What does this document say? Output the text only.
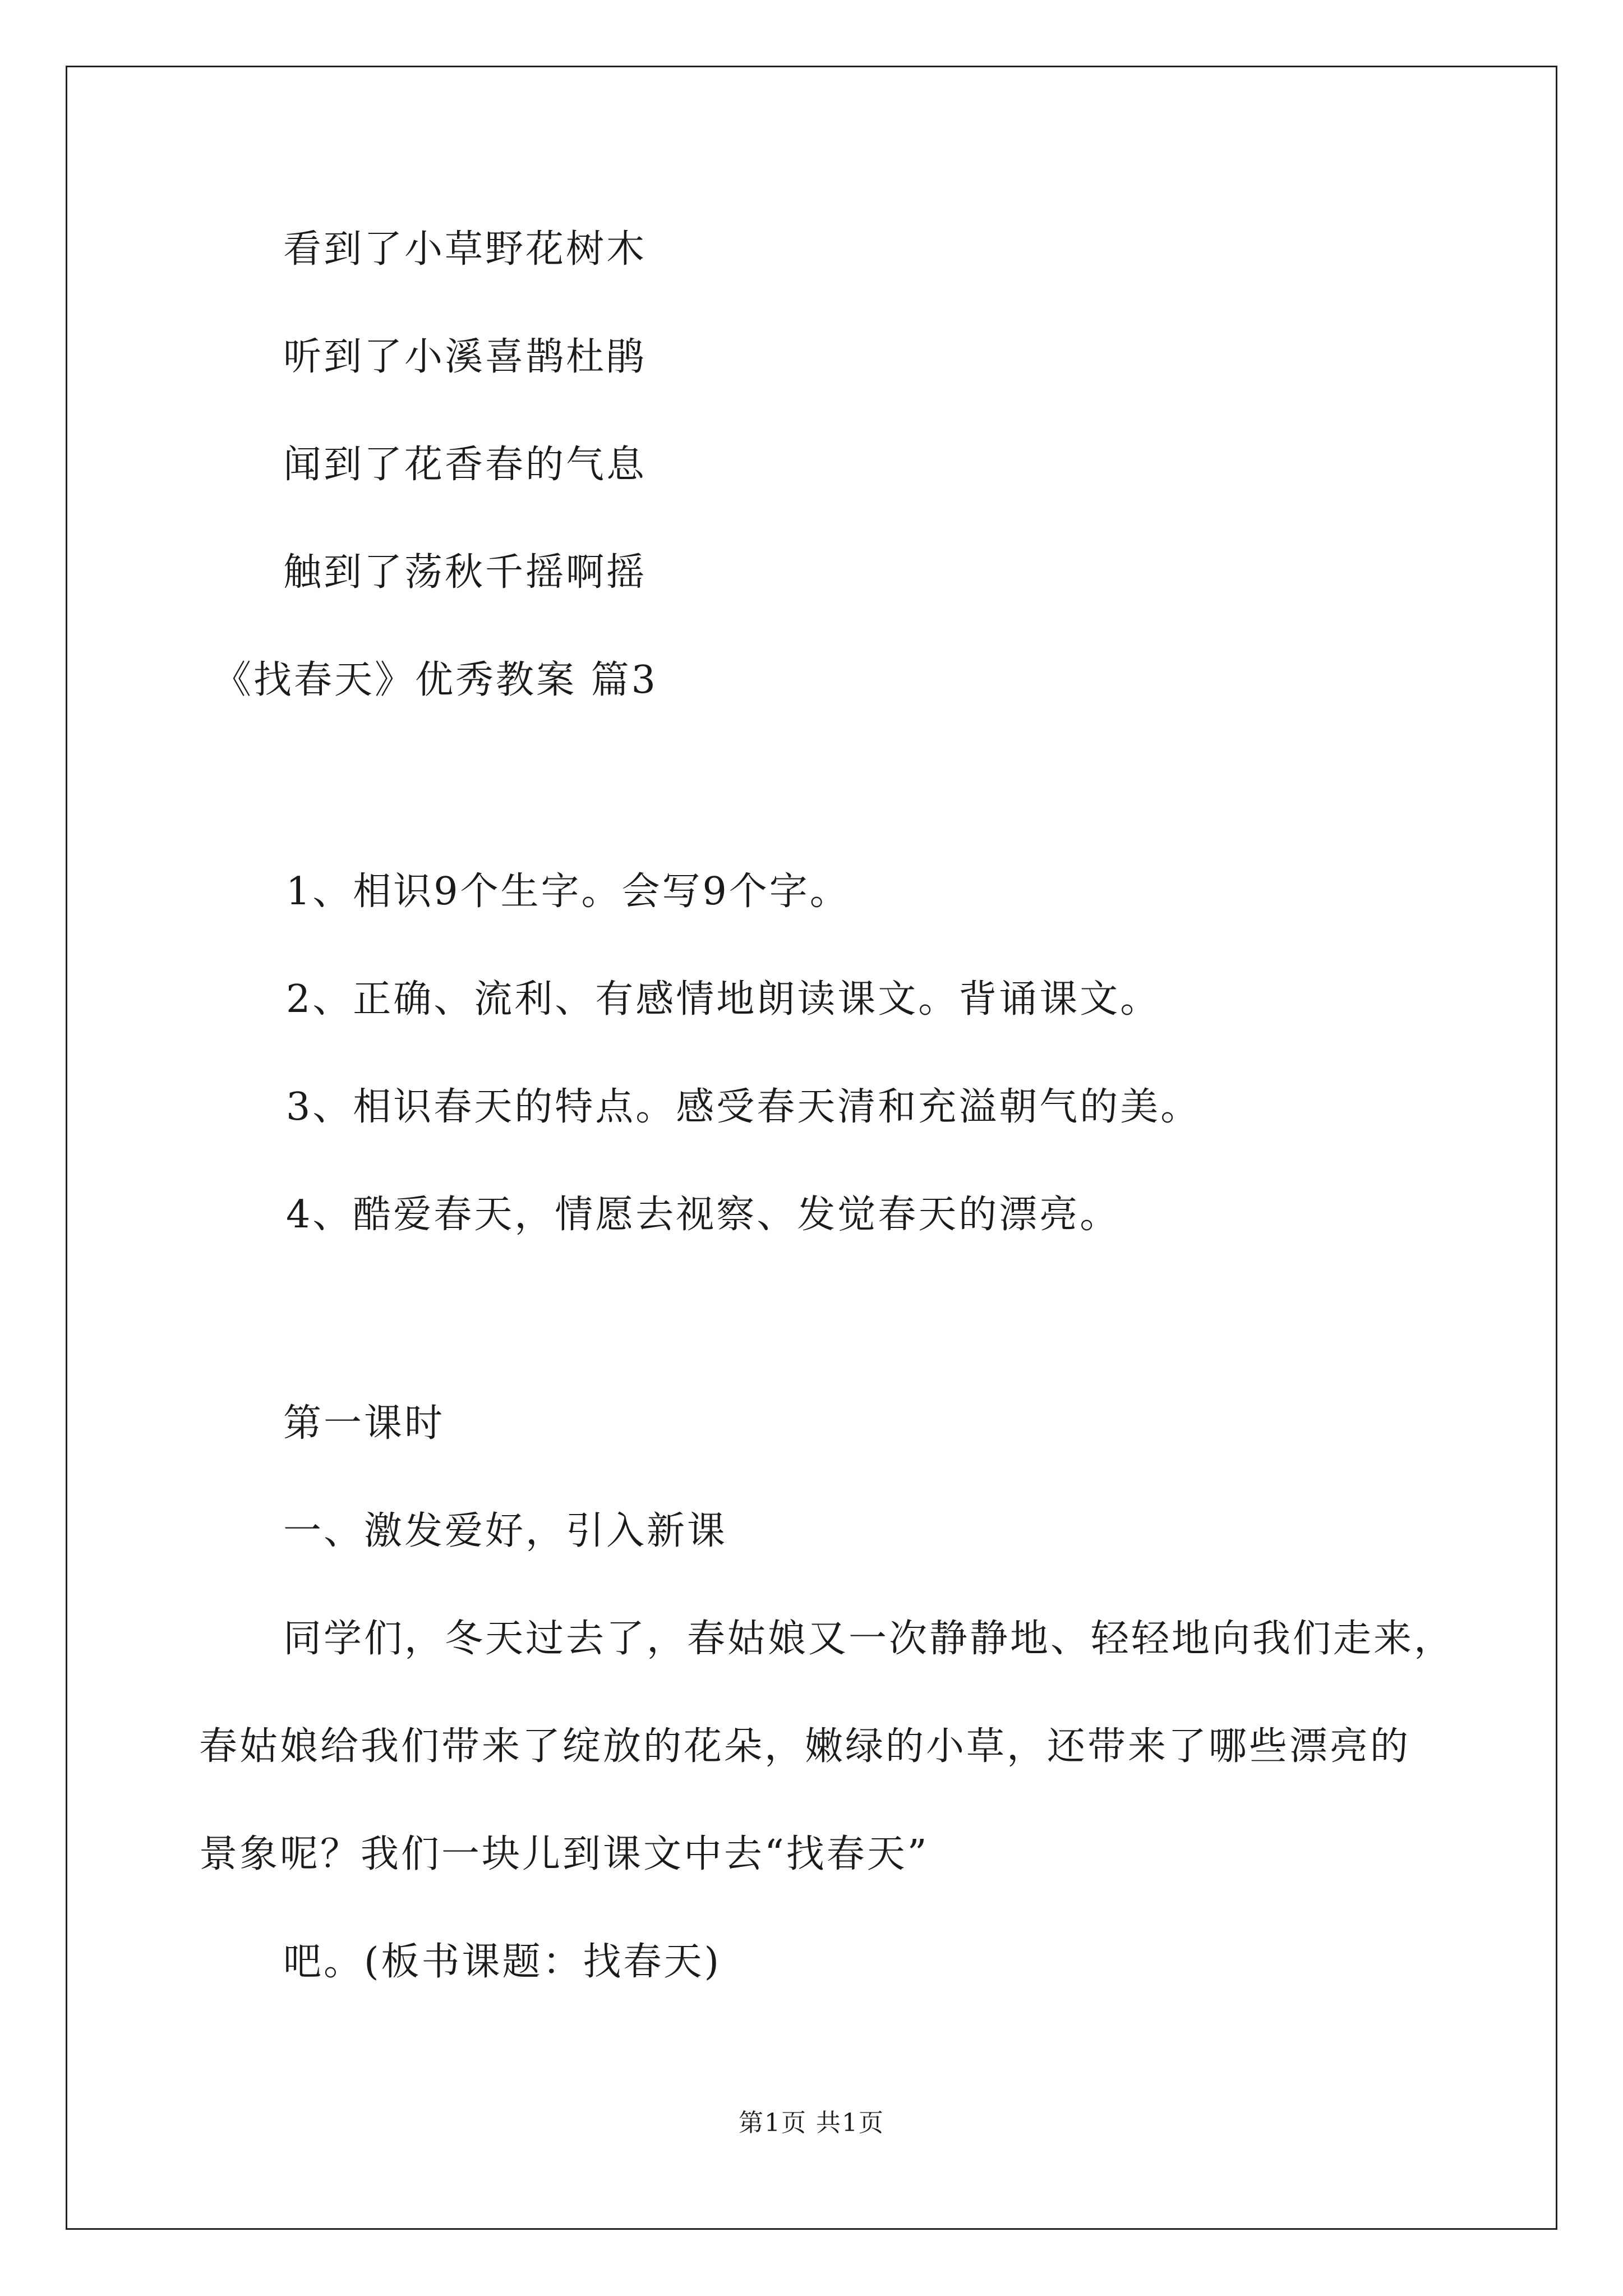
看到了小草野花树木
听到了小溪喜鹊杜鹃
闻到了花香春的气息
触到了荡秋千摇啊摇
《找春天》优秀教案 篇3
1、相识9个生字。会写9个字。
2、正确、流利、有感情地朗读课文。背诵课文。
3、相识春天的特点。感受春天清和充溢朝气的美。
4、酷爱春天，情愿去视察、发觉春天的漂亮。
第一课时
一、激发爱好，引入新课
同学们，冬天过去了，春姑娘又一次静静地、轻轻地向我们走来，
春姑娘给我们带来了绽放的花朵，嫩绿的小草，还带来了哪些漂亮的
景象呢？我们一块儿到课文中去“找春天”
吧。(板书课题：找春天)
第1页 共1页
